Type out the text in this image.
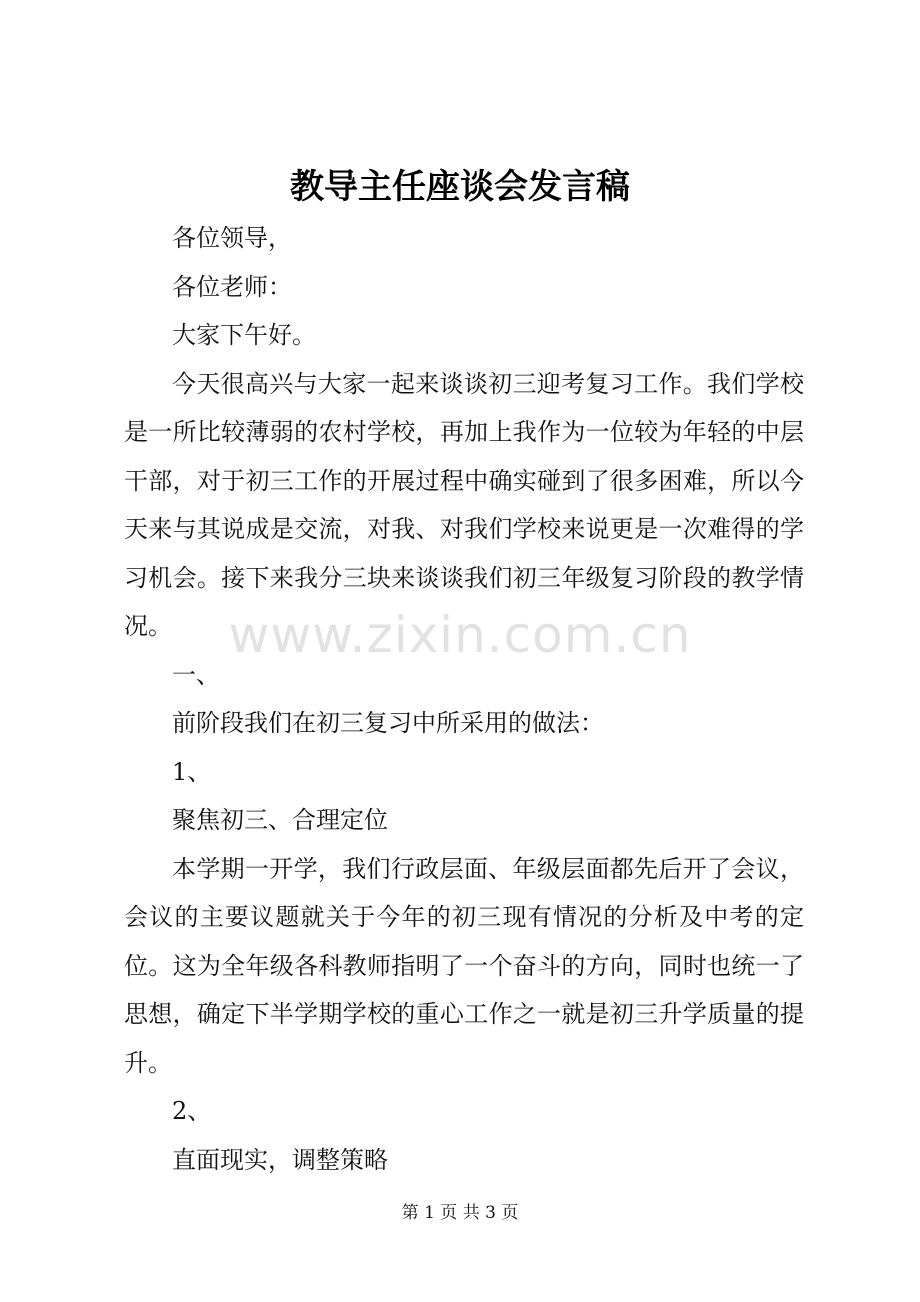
教导主任座谈会发言稿

各位领导，

各位老师：

大家下午好。

今天很高兴与大家一起来谈谈初三迎考复习工作。我们学校是一所比较薄弱的农村学校，再加上我作为一位较为年轻的中层干部，对于初三工作的开展过程中确实碰到了很多困难，所以今天来与其说成是交流，对我、对我们学校来说更是一次难得的学习机会。接下来我分三块来谈谈我们初三年级复习阶段的教学情况。

一、

前阶段我们在初三复习中所采用的做法：

1、

聚焦初三、合理定位

本学期一开学，我们行政层面、年级层面都先后开了会议，会议的主要议题就关于今年的初三现有情况的分析及中考的定位。这为全年级各科教师指明了一个奋斗的方向，同时也统一了思想，确定下半学期学校的重心工作之一就是初三升学质量的提升。

2、

直面现实，调整策略

www.zixin.com.cn
第 1 页 共 3 页
